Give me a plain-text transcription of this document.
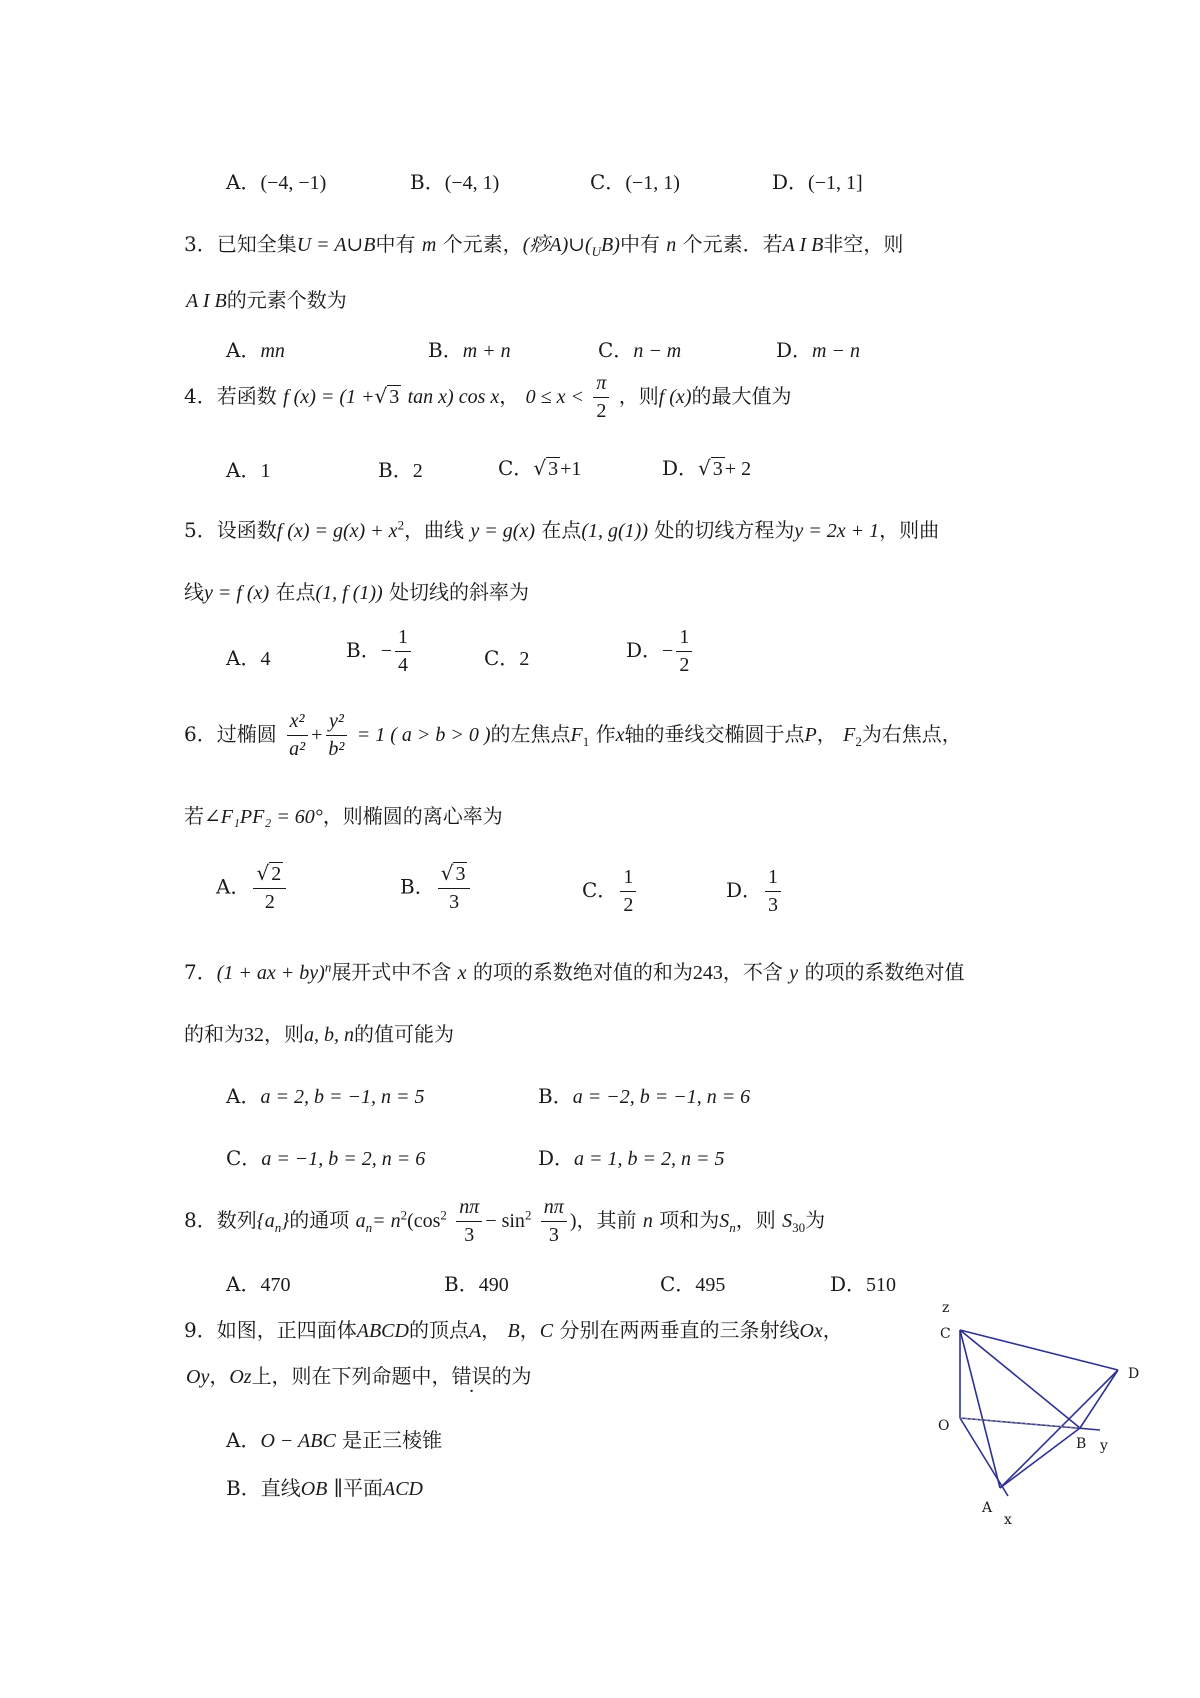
A．(−4, −1)	B．(−4, 1)	C．(−1, 1)	D．(−1, 1]
3．已知全集U = A∪B中有 m 个元素，(痧$A)\cup(_UB)$中有 n 个元素．若A I B非空，则
A I B的元素个数为
A．mn	B．m + n	C．n − m	D．m − n
4．若函数 f (x) = (1 +√ 3 tan x) cos x， $0 \le x < \frac{\pi}{2}$ ，则f (x)的最大值为
A．1	B．2	C．√ 3 +1	D．√ 3 + 2
5．设函数f $(x) = g(x) + x^2$，曲线 y = g(x) 在点(1, g(1)) 处的切线方程为y = 2x + 1，则曲
线y = f (x) 在点(1, f (1)) 处切线的斜率为
A．4	B．− $\frac{1}{4}$	C．2	D．− $\frac{1}{2}$
6．过椭圆 $\frac{\text{x²}}{\text{a²}} + \frac{\text{y²}}{\text{b²}} = 1$ ( a > b > 0 )的左焦点$F_1$ 作x轴的垂线交椭圆于点P， $F_2$为右焦点，
若∠F₁PF₂ = 60°，则椭圆的离心率为
A． $\frac{√ 2}{2}$	B． $\frac{√ 3}{3}$	C． $\frac{1}{2}$	D． $\frac{1}{3}$
7．(1 + ax + by)$^n$展开式中不含 x 的项的系数绝对值的和为243，不含 y 的项的系数绝对值
的和为32，则a, b, n的值可能为
A．a = 2, b = −1, n = 5	B．a = −2, b = −1, n = 6
C．a = −1, b = 2, n = 6	D．a = 1, b = 2, n = 5
8．数列$\{a_n\}$的通项 $a_n= n^2(\cos^2 \frac{n\pi}{3} - \sin^2 \frac{n\pi}{3}$ )，其前 n 项和为$S_n$，则 $S_{30}$为
A．470	B．490	C．495	D．510
9．如图，正四面体ABCD的顶点A， B，C 分别在两两垂直的三条射线Ox，
Oy，Oz上，则在下列命题中，错误的为
A．O − ABC 是正三棱锥
B．直线OB ∥平面ACD
z
C
D
O
B y
A
x
